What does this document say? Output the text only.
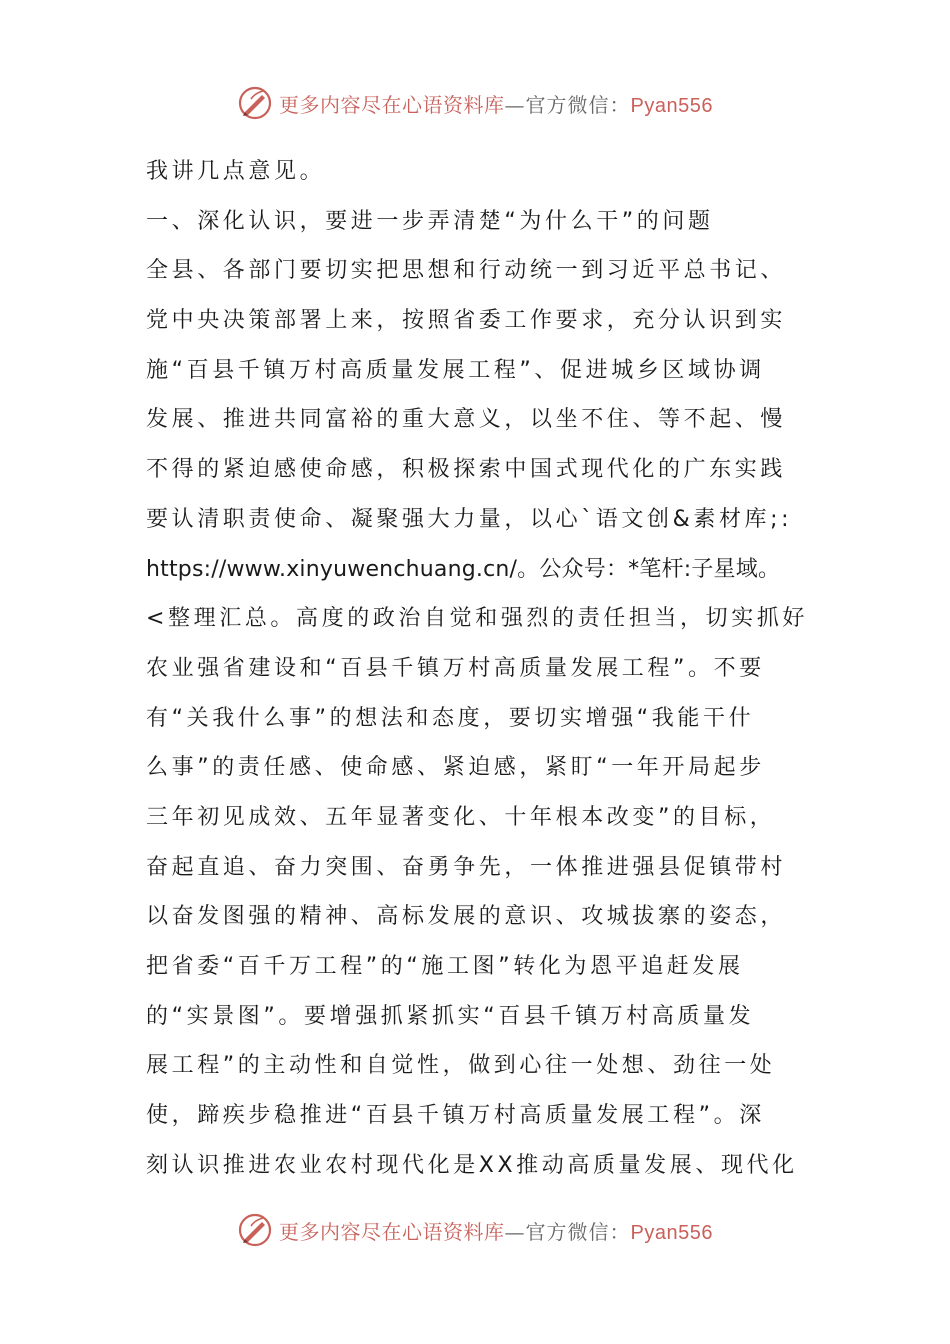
更多内容尽在心语资料库—官方微信：Pyan556
我讲几点意见。
一、深化认识，要进一步弄清楚“为什么干”的问题
全县、各部门要切实把思想和行动统一到习近平总书记、
党中央决策部署上来，按照省委工作要求，充分认识到实
施“百县千镇万村高质量发展工程”、促进城乡区域协调
发展、推进共同富裕的重大意义，以坐不住、等不起、慢
不得的紧迫感使命感，积极探索中国式现代化的广东实践
要认清职责使命、凝聚强大力量，以心`语文创&素材库;:
https://www.xinyuwenchuang.cn/。公众号：*笔杆:子星域。
<整理汇总。高度的政治自觉和强烈的责任担当，切实抓好
农业强省建设和“百县千镇万村高质量发展工程”。不要
有“关我什么事”的想法和态度，要切实增强“我能干什
么事”的责任感、使命感、紧迫感，紧盯“一年开局起步
三年初见成效、五年显著变化、十年根本改变”的目标，
奋起直追、奋力突围、奋勇争先，一体推进强县促镇带村
以奋发图强的精神、高标发展的意识、攻城拔寨的姿态，
把省委“百千万工程”的“施工图”转化为恩平追赶发展
的“实景图”。要增强抓紧抓实“百县千镇万村高质量发
展工程”的主动性和自觉性，做到心往一处想、劲往一处
使，蹄疾步稳推进“百县千镇万村高质量发展工程”。深
刻认识推进农业农村现代化是XX推动高质量发展、现代化
更多内容尽在心语资料库—官方微信：Pyan556
